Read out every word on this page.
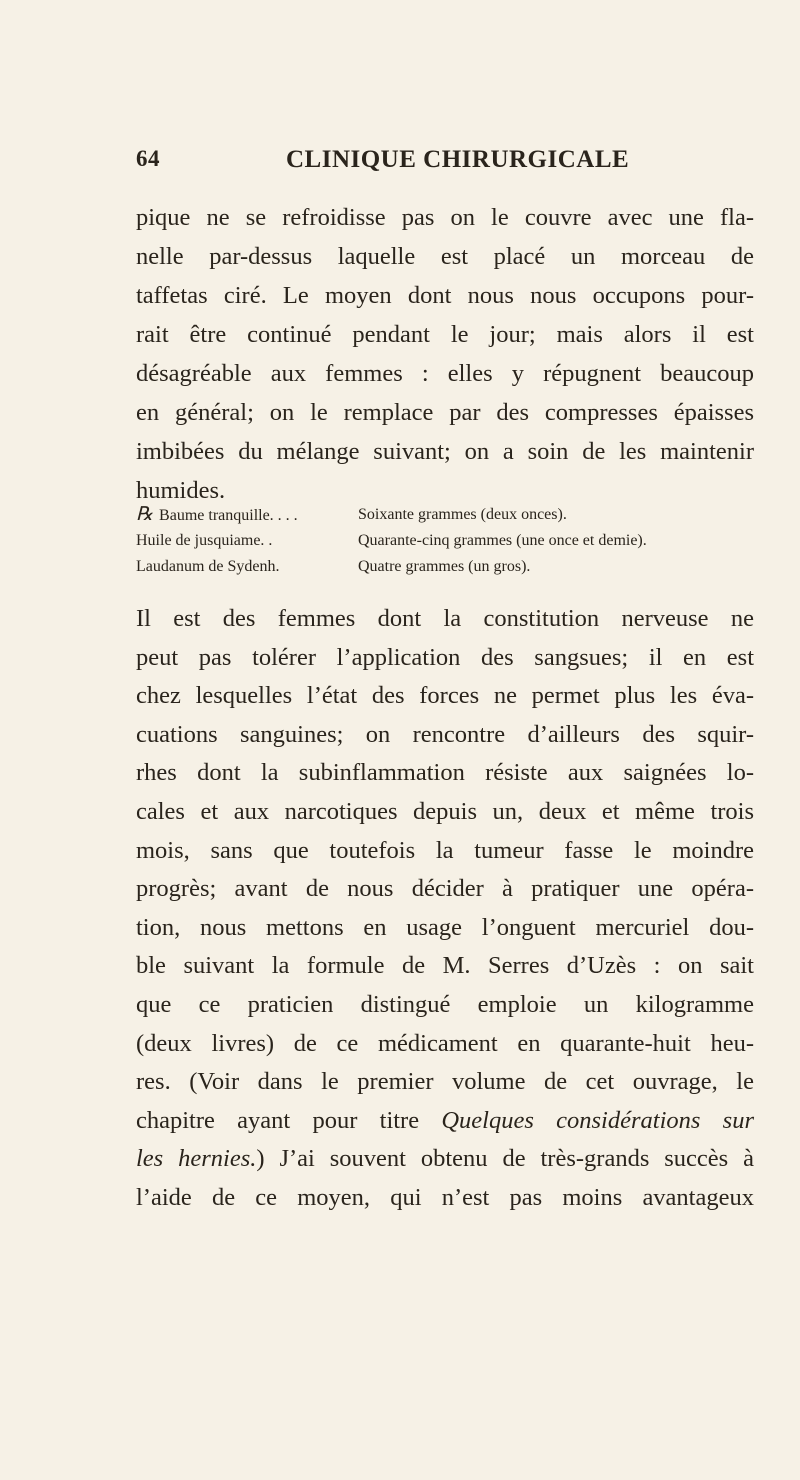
64	CLINIQUE CHIRURGICALE
pique ne se refroidisse pas on le couvre avec une fla-
nelle par-dessus laquelle est placé un morceau de
taffetas ciré. Le moyen dont nous nous occupons pour-
rait être continué pendant le jour; mais alors il est
désagréable aux femmes : elles y répugnent beaucoup
en général; on le remplace par des compresses épaisses
imbibées du mélange suivant; on a soin de les maintenir
humides.
℞ Baume tranquille. . . .	Soixante grammes (deux onces).
Huile de jusquiame. .	Quarante-cinq grammes (une once et demie).
Laudanum de Sydenh.	Quatre grammes (un gros).
Il est des femmes dont la constitution nerveuse ne
peut pas tolérer l’application des sangsues; il en est
chez lesquelles l’état des forces ne permet plus les éva-
cuations sanguines; on rencontre d’ailleurs des squir-
rhes dont la subinflammation résiste aux saignées lo-
cales et aux narcotiques depuis un, deux et même trois
mois, sans que toutefois la tumeur fasse le moindre
progrès; avant de nous décider à pratiquer une opéra-
tion, nous mettons en usage l’onguent mercuriel dou-
ble suivant la formule de M. Serres d’Uzès : on sait
que ce praticien distingué emploie un kilogramme
(deux livres) de ce médicament en quarante-huit heu-
res. (Voir dans le premier volume de cet ouvrage, le
chapitre ayant pour titre Quelques considérations sur
les hernies.) J’ai souvent obtenu de très-grands succès à
l’aide de ce moyen, qui n’est pas moins avantageux
